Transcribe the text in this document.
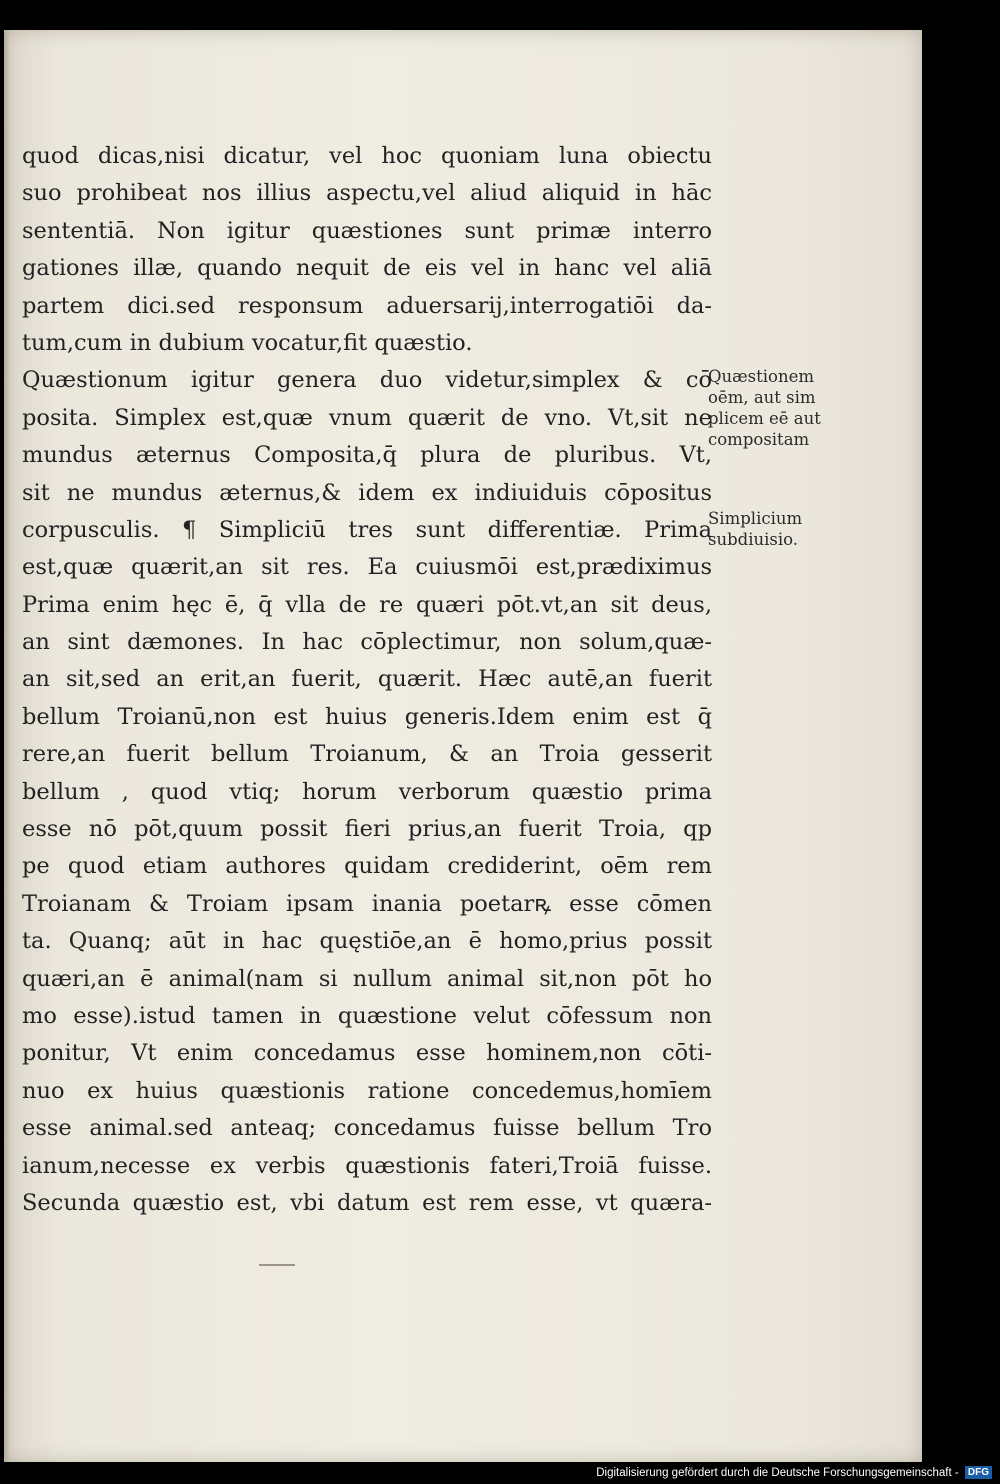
quod dicas,nisi dicatur, vel hoc quoniam luna obiectu
suo prohibeat nos illius aspectu,vel aliud aliquid in hāc
sententiā. Non igitur quæstiones sunt primæ interro
gationes illæ, quando nequit de eis vel in hanc vel aliā
partem dici.sed responsum aduersarij,interrogatiōi da-
tum,cum in dubium vocatur,fit quæstio.
Quæstionum igitur genera duo videtur,simplex & cō
posita. Simplex est,quæ vnum quærit de vno. Vt,sit ne
mundus æternus Composita,q̄ plura de pluribus. Vt,
sit ne mundus æternus,& idem ex indiuiduis cōpositus
corpusculis. ¶ Simpliciū tres sunt differentiæ. Prima
est,quæ quærit,an sit res. Ea cuiusmōi est,prædiximus
Prima enim hęc ē, q̄ vlla de re quæri pōt.vt,an sit deus,
an sint dæmones. In hac cōplectimur, non solum,quæ-
an sit,sed an erit,an fuerit, quærit. Hæc autē,an fuerit
bellum Troianū,non est huius generis.Idem enim est q̄
rere,an fuerit bellum Troianum, & an Troia gesserit
bellum , quod vtiq; horum verborum quæstio prima
esse nō pōt,quum possit fieri prius,an fuerit Troia, qp
pe quod etiam authores quidam crediderint, oēm rem
Troianam & Troiam ipsam inania poetarꝶ esse cōmen
ta. Quanq; aūt in hac quęstiōe,an ē homo,prius possit
quæri,an ē animal(nam si nullum animal sit,non pōt ho
mo esse).istud tamen in quæstione velut cōfessum non
ponitur, Vt enim concedamus esse hominem,non cōti-
nuo ex huius quæstionis ratione concedemus,homīem
esse animal.sed anteaq; concedamus fuisse bellum Tro
ianum,necesse ex verbis quæstionis fateri,Troiā fuisse.
Secunda quæstio est, vbi datum est rem esse, vt quæra-
Quæstionem
oēm, aut sim
plicem eē aut
compositam
Simplicium
subdiuisio.
Digitalisierung gefördert durch die Deutsche Forschungsgemeinschaft - DFG
